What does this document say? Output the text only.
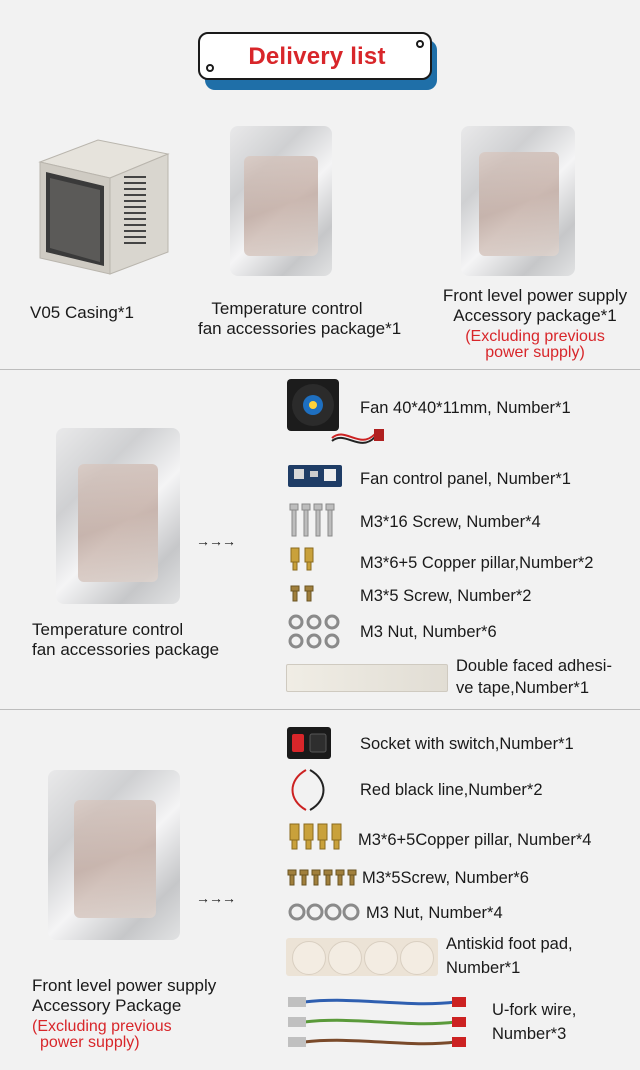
Delivery list
V05 Casing*1	Temperature control
fan accessories package*1
Front level power supply
Accessory package*1
(Excluding previous
power supply)
Temperature control
fan accessories package
→→→
Fan 40*40*11mm, Number*1
Fan control panel, Number*1
M3*16 Screw, Number*4
M3*6+5 Copper pillar,Number*2
M3*5 Screw, Number*2
M3 Nut, Number*6
Double faced adhesi-
ve tape,Number*1
Front level power supply
Accessory Package
(Excluding previous
power supply)
→→→
Socket with switch,Number*1
Red black line,Number*2
M3*6+5Copper pillar, Number*4
M3*5Screw, Number*6
M3 Nut, Number*4
Antiskid foot pad,
Number*1
U-fork wire,
Number*3
